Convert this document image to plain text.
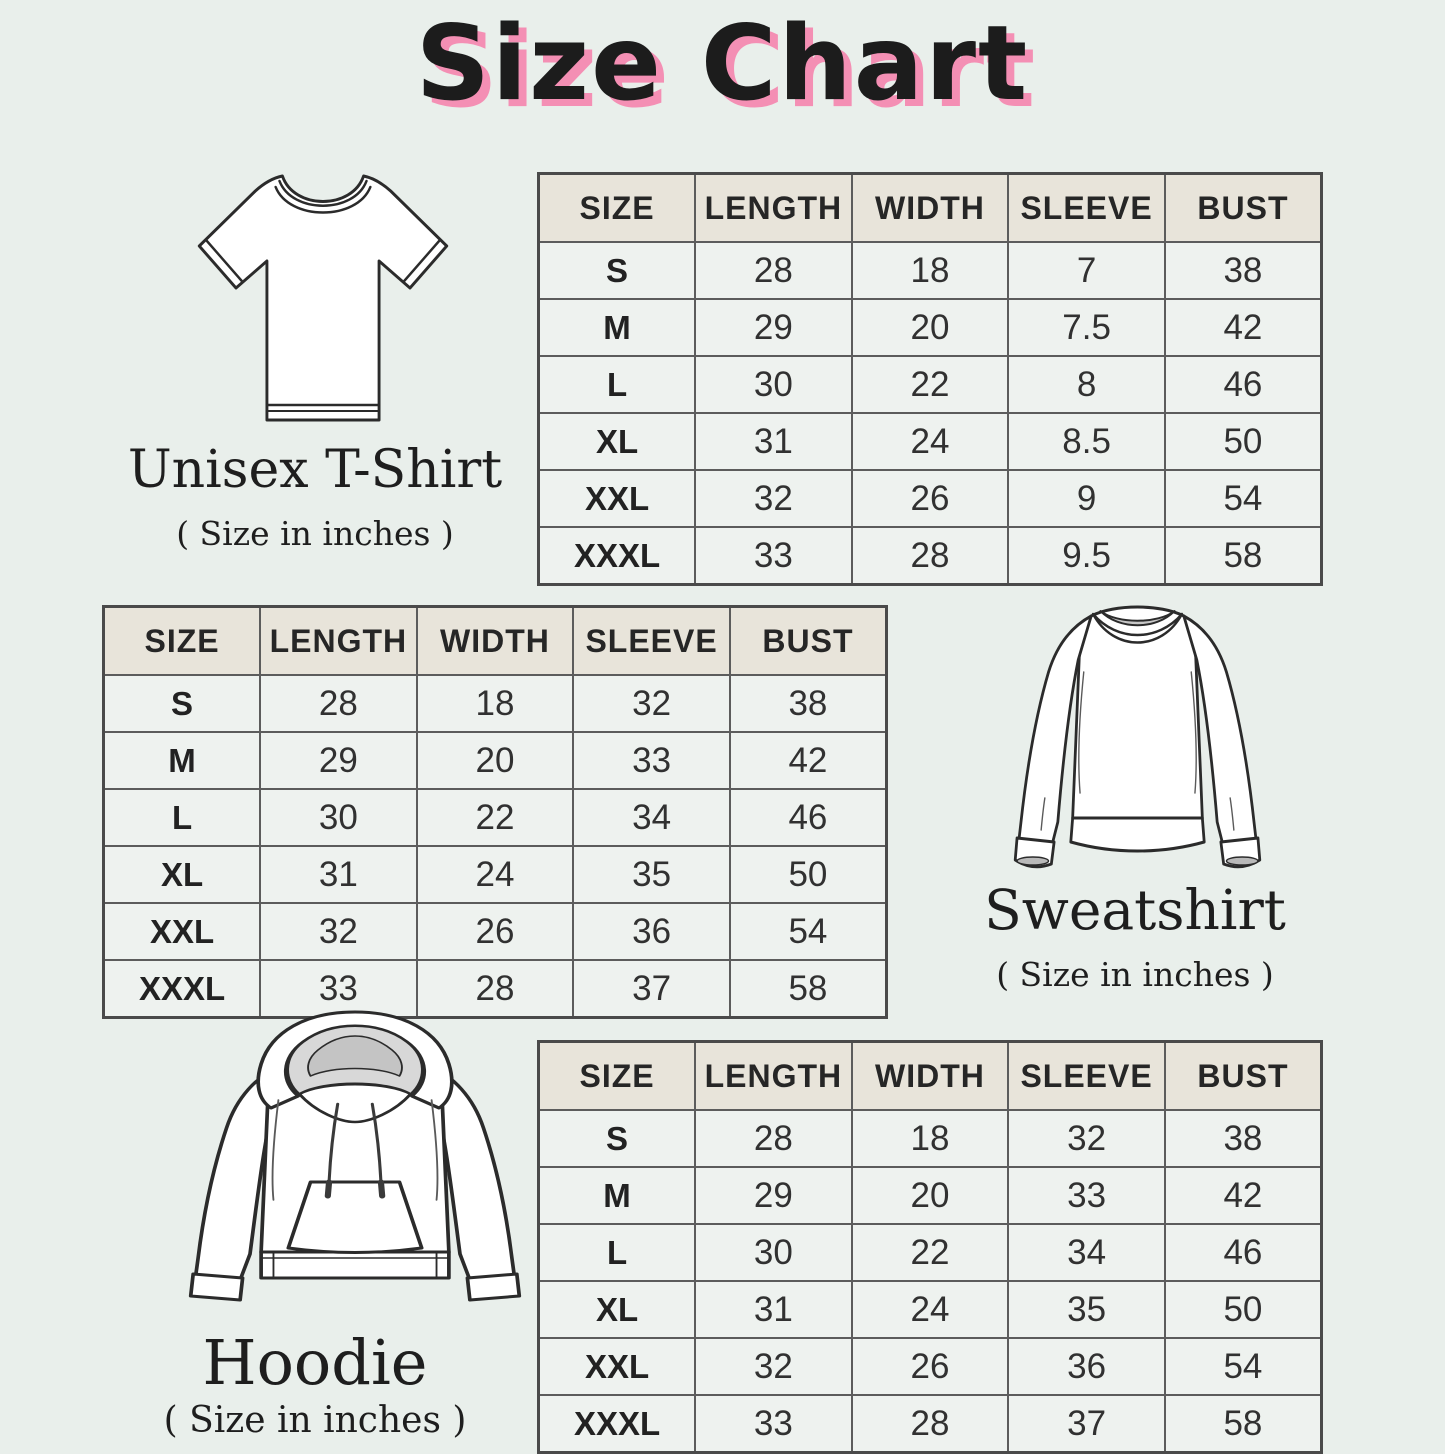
Size Chart
Unisex T-Shirt
( Size in inches )
SIZE	LENGTH	WIDTH	SLEEVE	BUST
S	28	18	7	38
M	29	20	7.5	42
L	30	22	8	46
XL	31	24	8.5	50
XXL	32	26	9	54
XXXL	33	28	9.5	58
SIZE	LENGTH	WIDTH	SLEEVE	BUST
S	28	18	32	38
M	29	20	33	42
L	30	22	34	46
XL	31	24	35	50
XXL	32	26	36	54
XXXL	33	28	37	58
Sweatshirt
( Size in inches )
Hoodie
( Size in inches )
SIZE	LENGTH	WIDTH	SLEEVE	BUST
S	28	18	32	38
M	29	20	33	42
L	30	22	34	46
XL	31	24	35	50
XXL	32	26	36	54
XXXL	33	28	37	58
